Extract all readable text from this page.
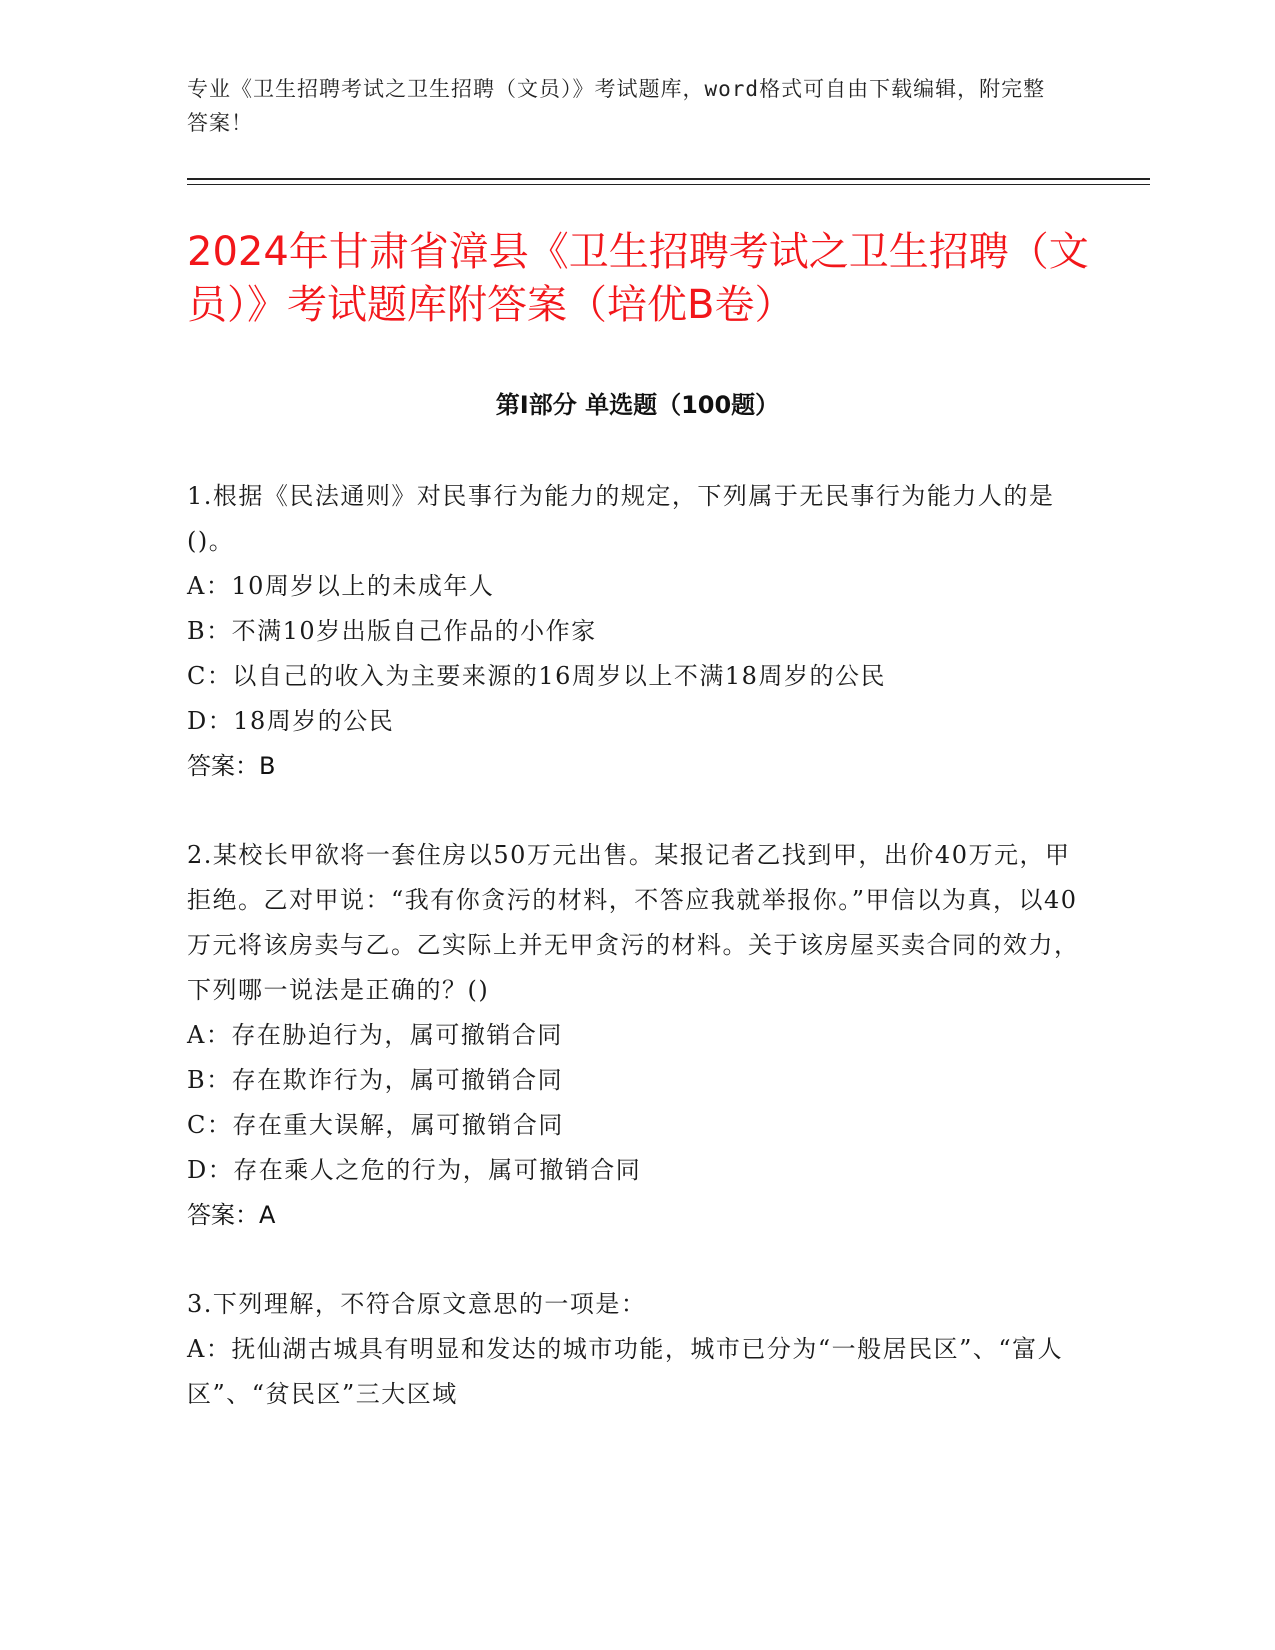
专业《卫生招聘考试之卫生招聘（文员）》考试题库，word格式可自由下载编辑，附完整答案！
2024年甘肃省漳县《卫生招聘考试之卫生招聘（文员）》考试题库附答案（培优B卷）
第I部分 单选题（100题）
1.根据《民法通则》对民事行为能力的规定，下列属于无民事行为能力人的是()。
A：10周岁以上的未成年人
B：不满10岁出版自己作品的小作家
C：以自己的收入为主要来源的16周岁以上不满18周岁的公民
D：18周岁的公民
答案：B
2.某校长甲欲将一套住房以50万元出售。某报记者乙找到甲，出价40万元，甲拒绝。乙对甲说：“我有你贪污的材料，不答应我就举报你。”甲信以为真，以40万元将该房卖与乙。乙实际上并无甲贪污的材料。关于该房屋买卖合同的效力，下列哪一说法是正确的？()
A：存在胁迫行为，属可撤销合同
B：存在欺诈行为，属可撤销合同
C：存在重大误解，属可撤销合同
D：存在乘人之危的行为，属可撤销合同
答案：A
3.下列理解，不符合原文意思的一项是：
A：抚仙湖古城具有明显和发达的城市功能，城市已分为“一般居民区”、“富人区”、“贫民区”三大区域
